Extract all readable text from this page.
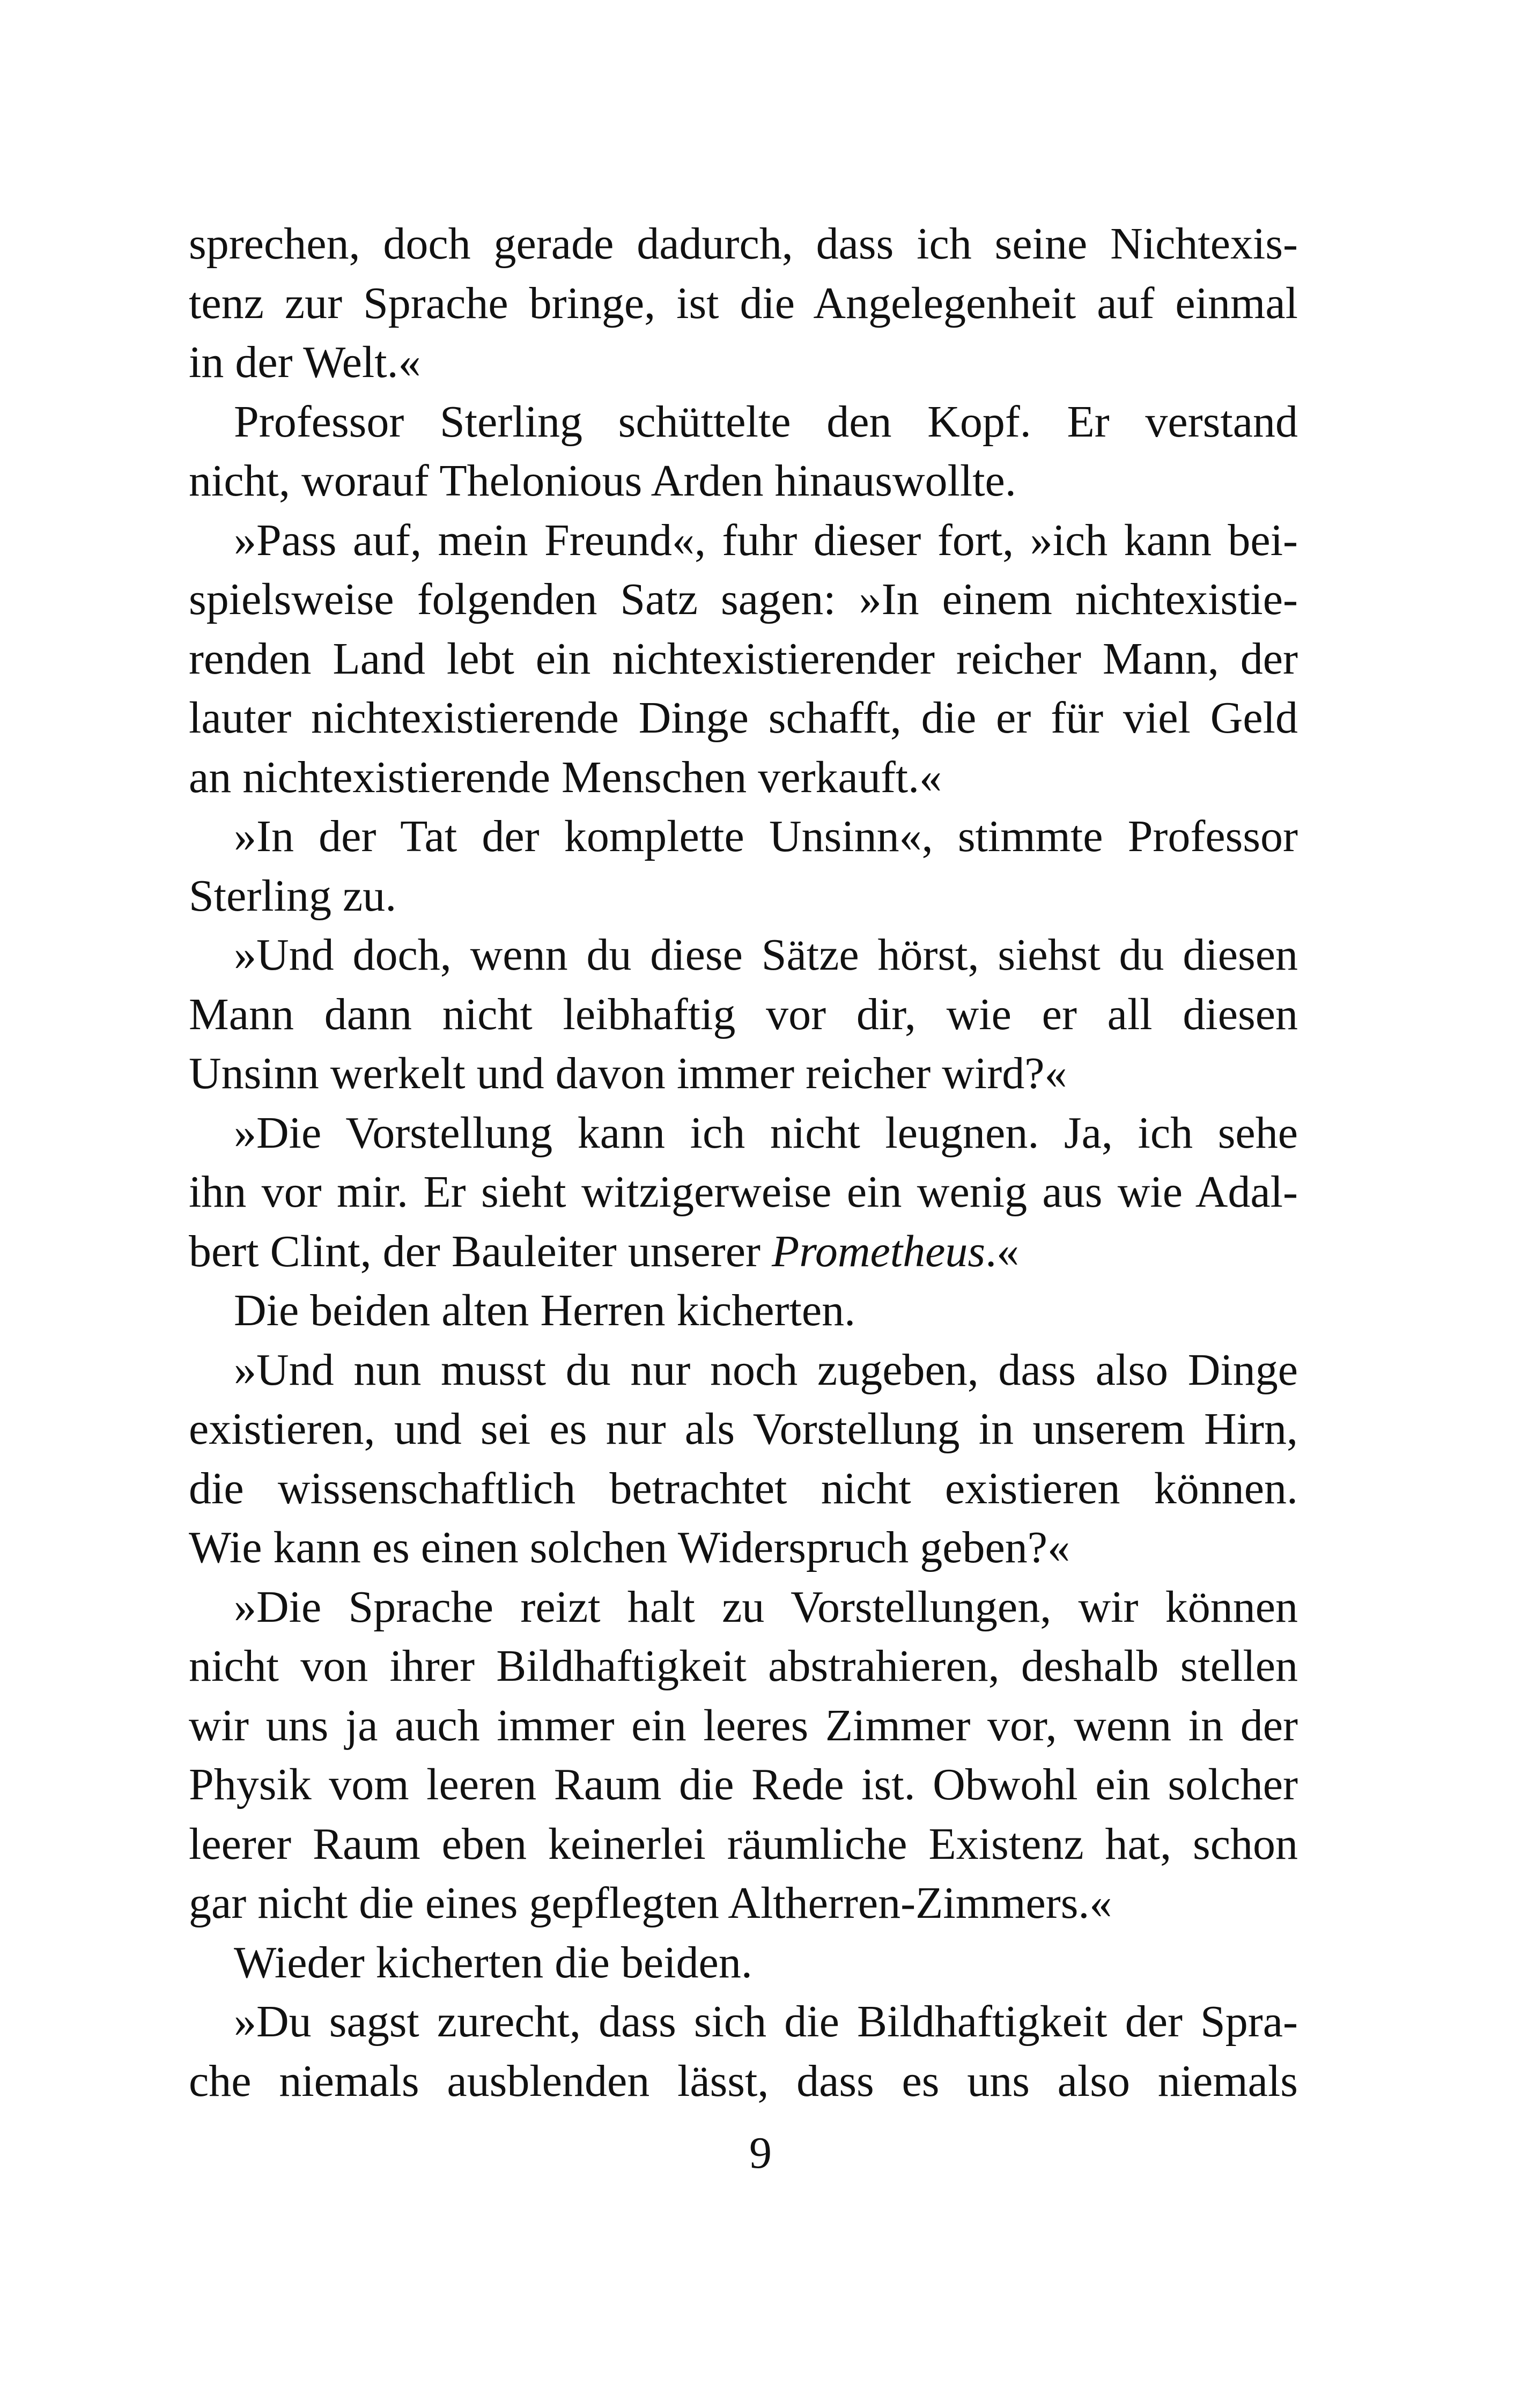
sprechen, doch gerade dadurch, dass ich seine Nichtexis-
tenz zur Sprache bringe, ist die Angelegenheit auf einmal
in der Welt.«
Professor Sterling schüttelte den Kopf. Er verstand
nicht, worauf Thelonious Arden hinauswollte.
»Pass auf, mein Freund«, fuhr dieser fort, »ich kann bei-
spielsweise folgenden Satz sagen: »In einem nichtexistie-
renden Land lebt ein nichtexistierender reicher Mann, der
lauter nichtexistierende Dinge schafft, die er für viel Geld
an nichtexistierende Menschen verkauft.«
»In der Tat der komplette Unsinn«, stimmte Professor
Sterling zu.
»Und doch, wenn du diese Sätze hörst, siehst du diesen
Mann dann nicht leibhaftig vor dir, wie er all diesen
Unsinn werkelt und davon immer reicher wird?«
»Die Vorstellung kann ich nicht leugnen. Ja, ich sehe
ihn vor mir. Er sieht witzigerweise ein wenig aus wie Adal-
bert Clint, der Bauleiter unserer Prometheus.«
Die beiden alten Herren kicherten.
»Und nun musst du nur noch zugeben, dass also Dinge
existieren, und sei es nur als Vorstellung in unserem Hirn,
die wissenschaftlich betrachtet nicht existieren können.
Wie kann es einen solchen Widerspruch geben?«
»Die Sprache reizt halt zu Vorstellungen, wir können
nicht von ihrer Bildhaftigkeit abstrahieren, deshalb stellen
wir uns ja auch immer ein leeres Zimmer vor, wenn in der
Physik vom leeren Raum die Rede ist. Obwohl ein solcher
leerer Raum eben keinerlei räumliche Existenz hat, schon
gar nicht die eines gepflegten Altherren-Zimmers.«
Wieder kicherten die beiden.
»Du sagst zurecht, dass sich die Bildhaftigkeit der Spra-
che niemals ausblenden lässt, dass es uns also niemals
9
